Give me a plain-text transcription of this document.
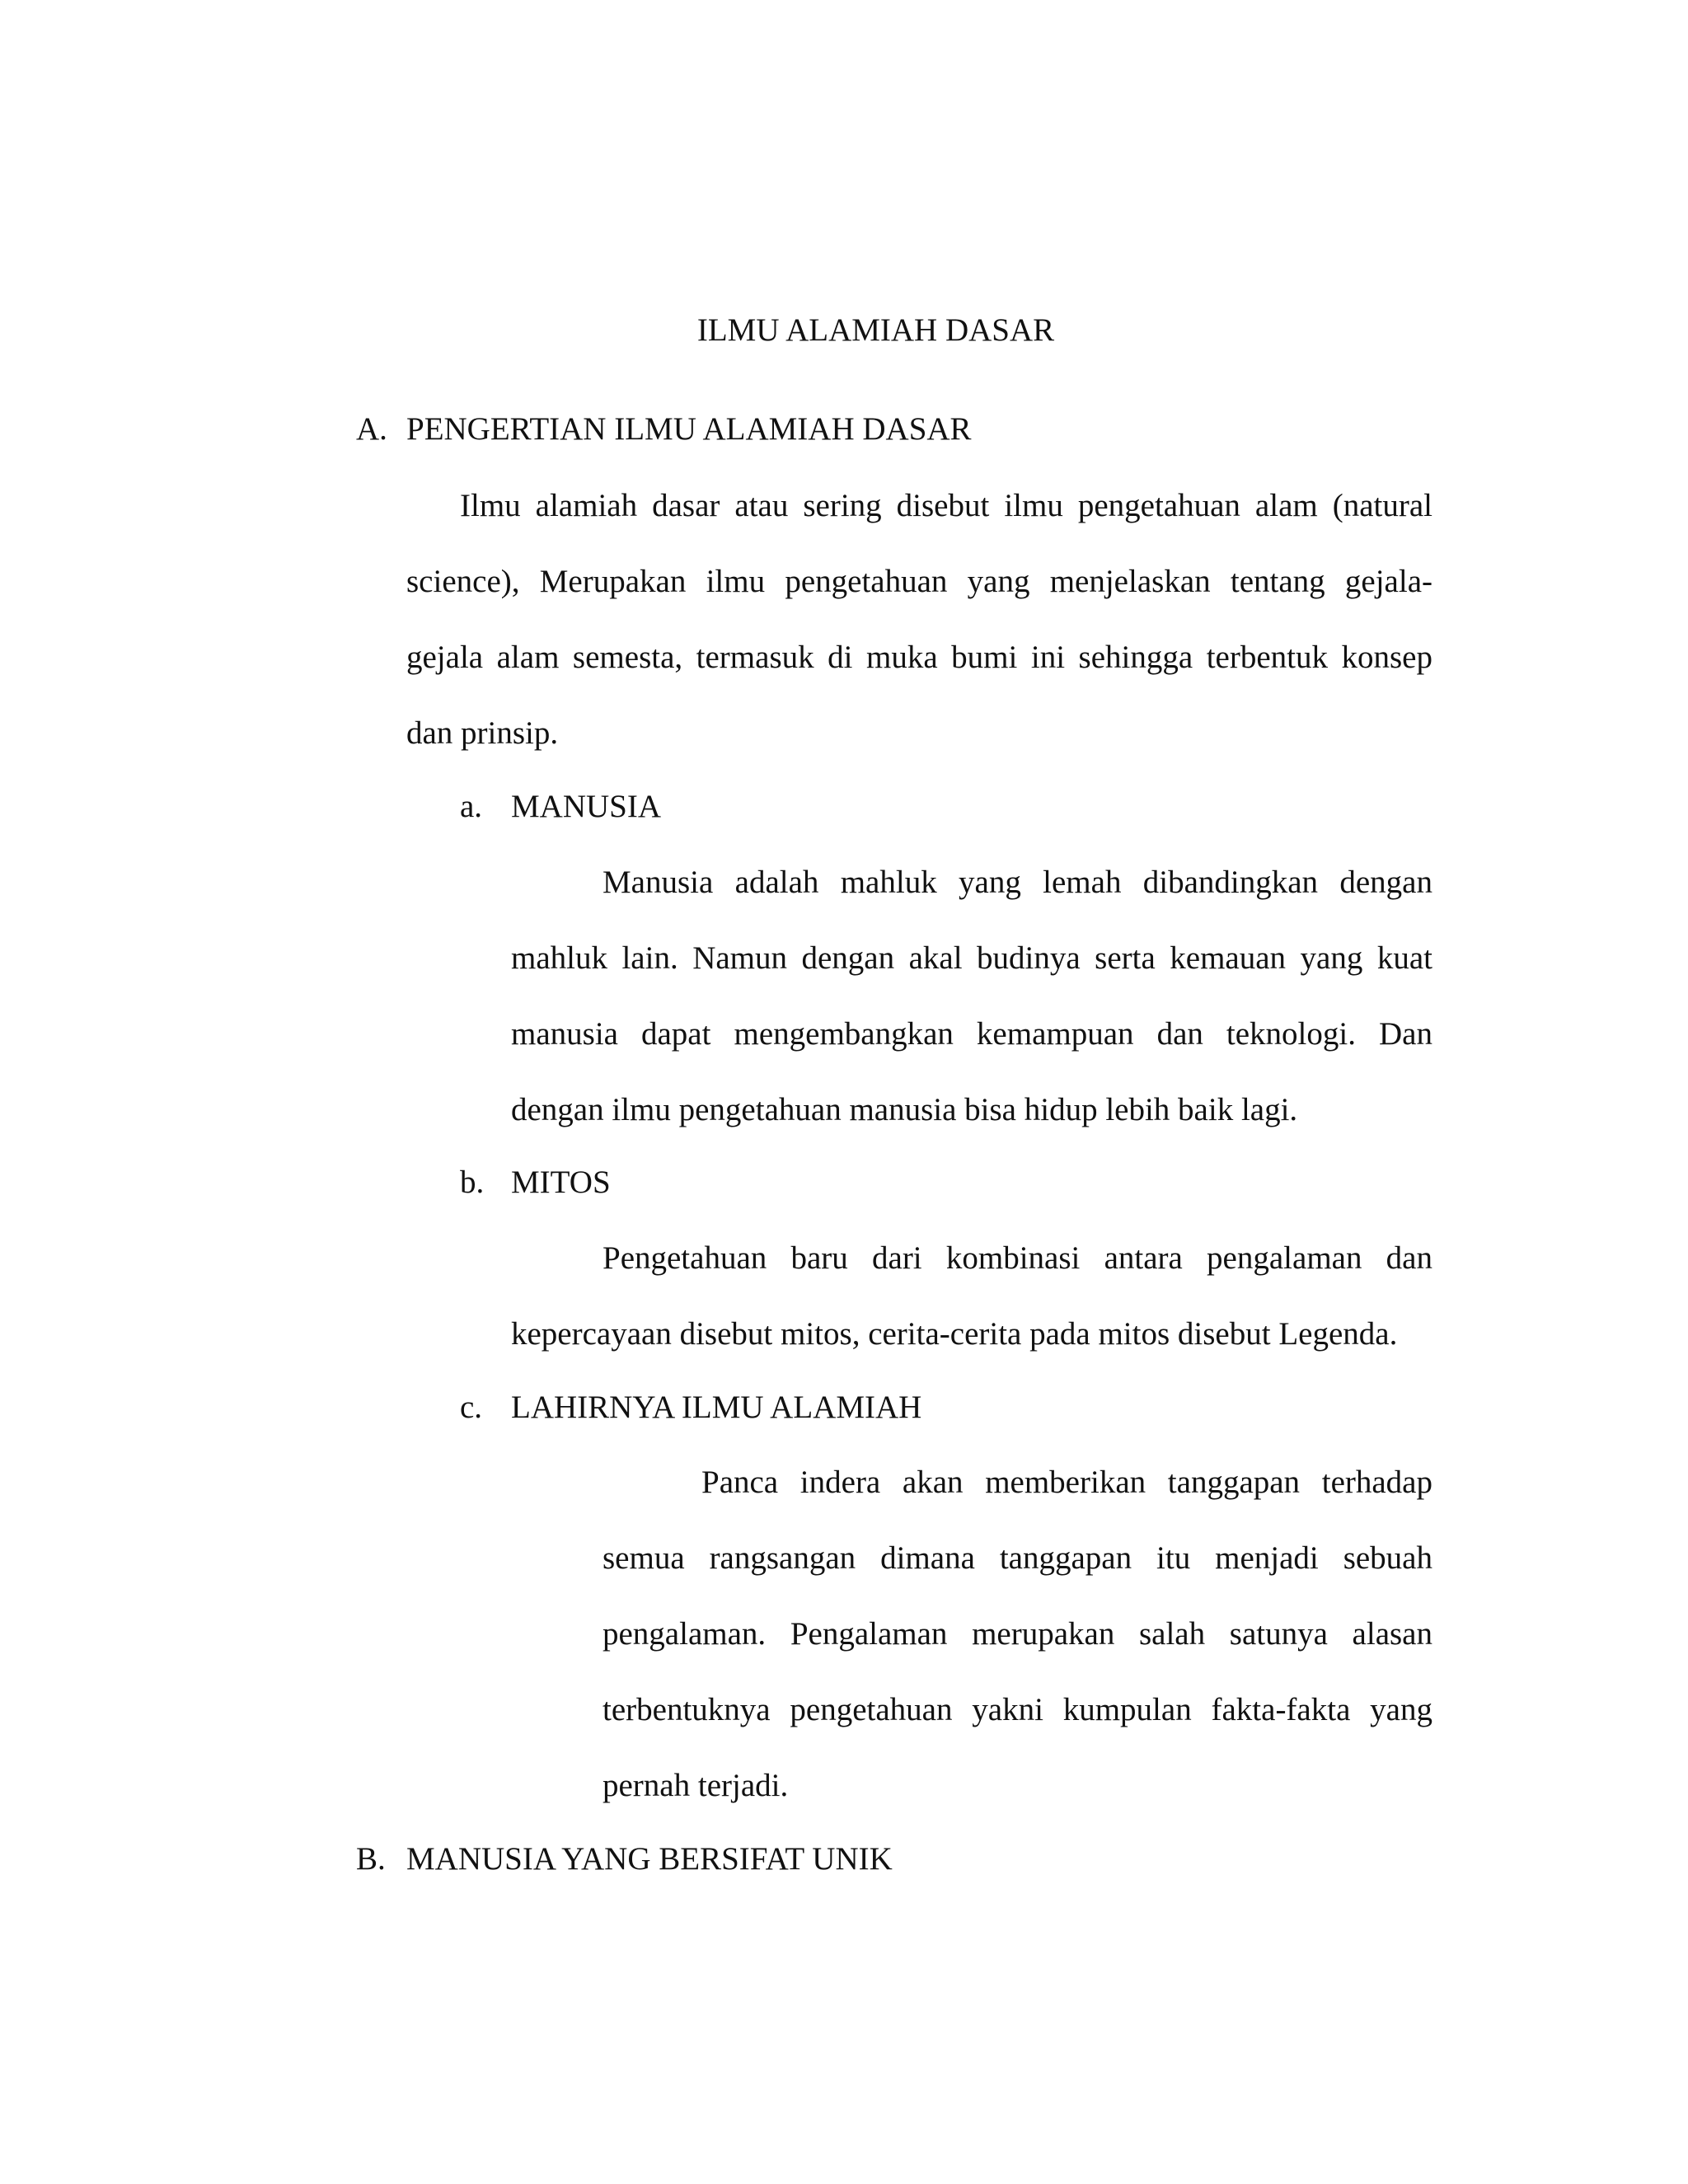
ILMU ALAMIAH DASAR
A. PENGERTIAN ILMU ALAMIAH DASAR
Ilmu alamiah dasar atau sering disebut ilmu pengetahuan alam (natural
science), Merupakan ilmu pengetahuan yang menjelaskan tentang gejala-
gejala alam semesta, termasuk di muka bumi ini sehingga terbentuk konsep
dan prinsip.
a. MANUSIA
Manusia adalah mahluk yang lemah dibandingkan dengan
mahluk lain. Namun dengan akal budinya serta kemauan yang kuat
manusia dapat mengembangkan kemampuan dan teknologi. Dan
dengan ilmu pengetahuan manusia bisa hidup lebih baik lagi.
b. MITOS
Pengetahuan baru dari kombinasi antara pengalaman dan
kepercayaan disebut mitos, cerita-cerita pada mitos disebut Legenda.
c. LAHIRNYA ILMU ALAMIAH
Panca indera akan memberikan tanggapan terhadap
semua rangsangan dimana tanggapan itu menjadi sebuah
pengalaman. Pengalaman merupakan salah satunya alasan
terbentuknya pengetahuan yakni kumpulan fakta-fakta yang
pernah terjadi.
B. MANUSIA YANG BERSIFAT UNIK
